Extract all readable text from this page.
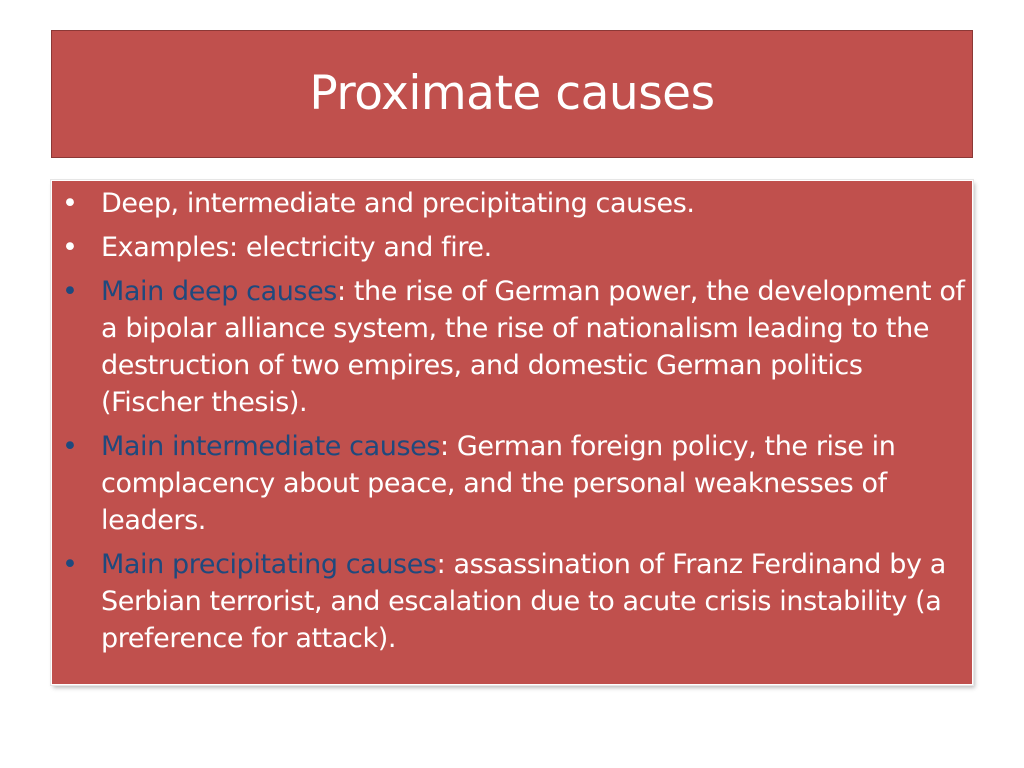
Proximate causes
• Deep, intermediate and precipitating causes.
• Examples: electricity and fire.
• Main deep causes: the rise of German power, the development of a bipolar alliance system, the rise of nationalism leading to the destruction of two empires, and domestic German politics (Fischer thesis).
• Main intermediate causes: German foreign policy, the rise in complacency about peace, and the personal weaknesses of leaders.
• Main precipitating causes: assassination of Franz Ferdinand by a Serbian terrorist, and escalation due to acute crisis instability (a preference for attack).
